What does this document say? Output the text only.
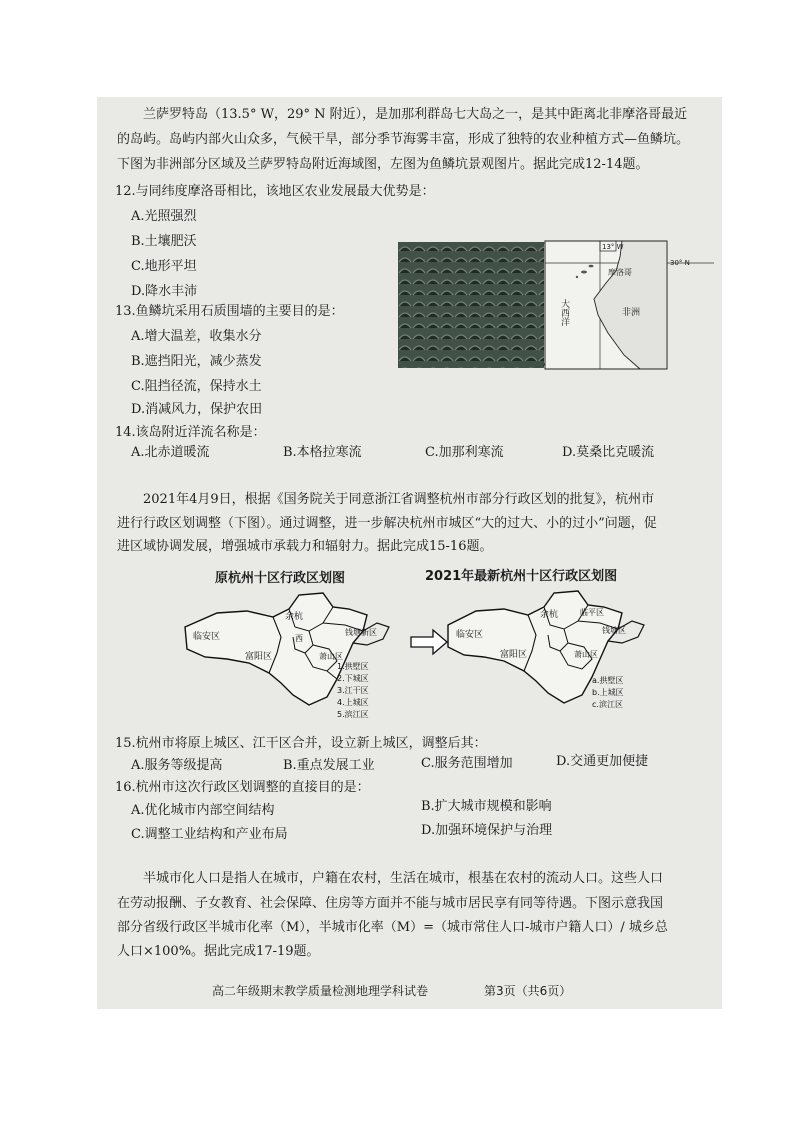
兰萨罗特岛（13.5° W，29° N 附近），是加那利群岛七大岛之一，是其中距离北非摩洛哥最近
的岛屿。岛屿内部火山众多，气候干旱，部分季节海雾丰富，形成了独特的农业种植方式—鱼鳞坑。
下图为非洲部分区域及兰萨罗特岛附近海域图，左图为鱼鳞坑景观图片。据此完成12-14题。
12.与同纬度摩洛哥相比，该地区农业发展最大优势是：
A.光照强烈
B.土壤肥沃
C.地形平坦
D.降水丰沛
13.鱼鳞坑采用石质围墙的主要目的是：
A.增大温差，收集水分
B.遮挡阳光，减少蒸发
C.阻挡径流，保持水土
D.消减风力，保护农田
13° W
30° N
摩洛哥
非洲
大西洋
14.该岛附近洋流名称是：
A.北赤道暖流	B.本格拉寒流	C.加那利寒流	D.莫桑比克暖流
2021年4月9日，根据《国务院关于同意浙江省调整杭州市部分行政区划的批复》，杭州市
进行行政区划调整（下图）。通过调整，进一步解决杭州市城区“大的过大、小的过小”问题，促
进区域协调发展，增强城市承载力和辐射力。据此完成15-16题。
原杭州十区行政区划图	2021年最新杭州十区行政区划图
临安区
富阳区
余杭
西
钱塘新区
萧山区
1.拱墅区
2.下城区
3.江干区
4.上城区
5.滨江区
临安区
富阳区
余杭	临平区
钱塘区
萧山区
a.拱墅区
b.上城区
c.滨江区
15.杭州市将原上城区、江干区合并，设立新上城区，调整后其：
A.服务等级提高	B.重点发展工业	C.服务范围增加	D.交通更加便捷
16.杭州市这次行政区划调整的直接目的是：
A.优化城市内部空间结构	B.扩大城市规模和影响
C.调整工业结构和产业布局	D.加强环境保护与治理
半城市化人口是指人在城市，户籍在农村，生活在城市，根基在农村的流动人口。这些人口
在劳动报酬、子女教育、社会保障、住房等方面并不能与城市居民享有同等待遇。下图示意我国
部分省级行政区半城市化率（M），半城市化率（M）=（城市常住人口-城市户籍人口）/ 城乡总
人口×100%。据此完成17-19题。
高二年级期末教学质量检测地理学科试卷	第3页（共6页）
